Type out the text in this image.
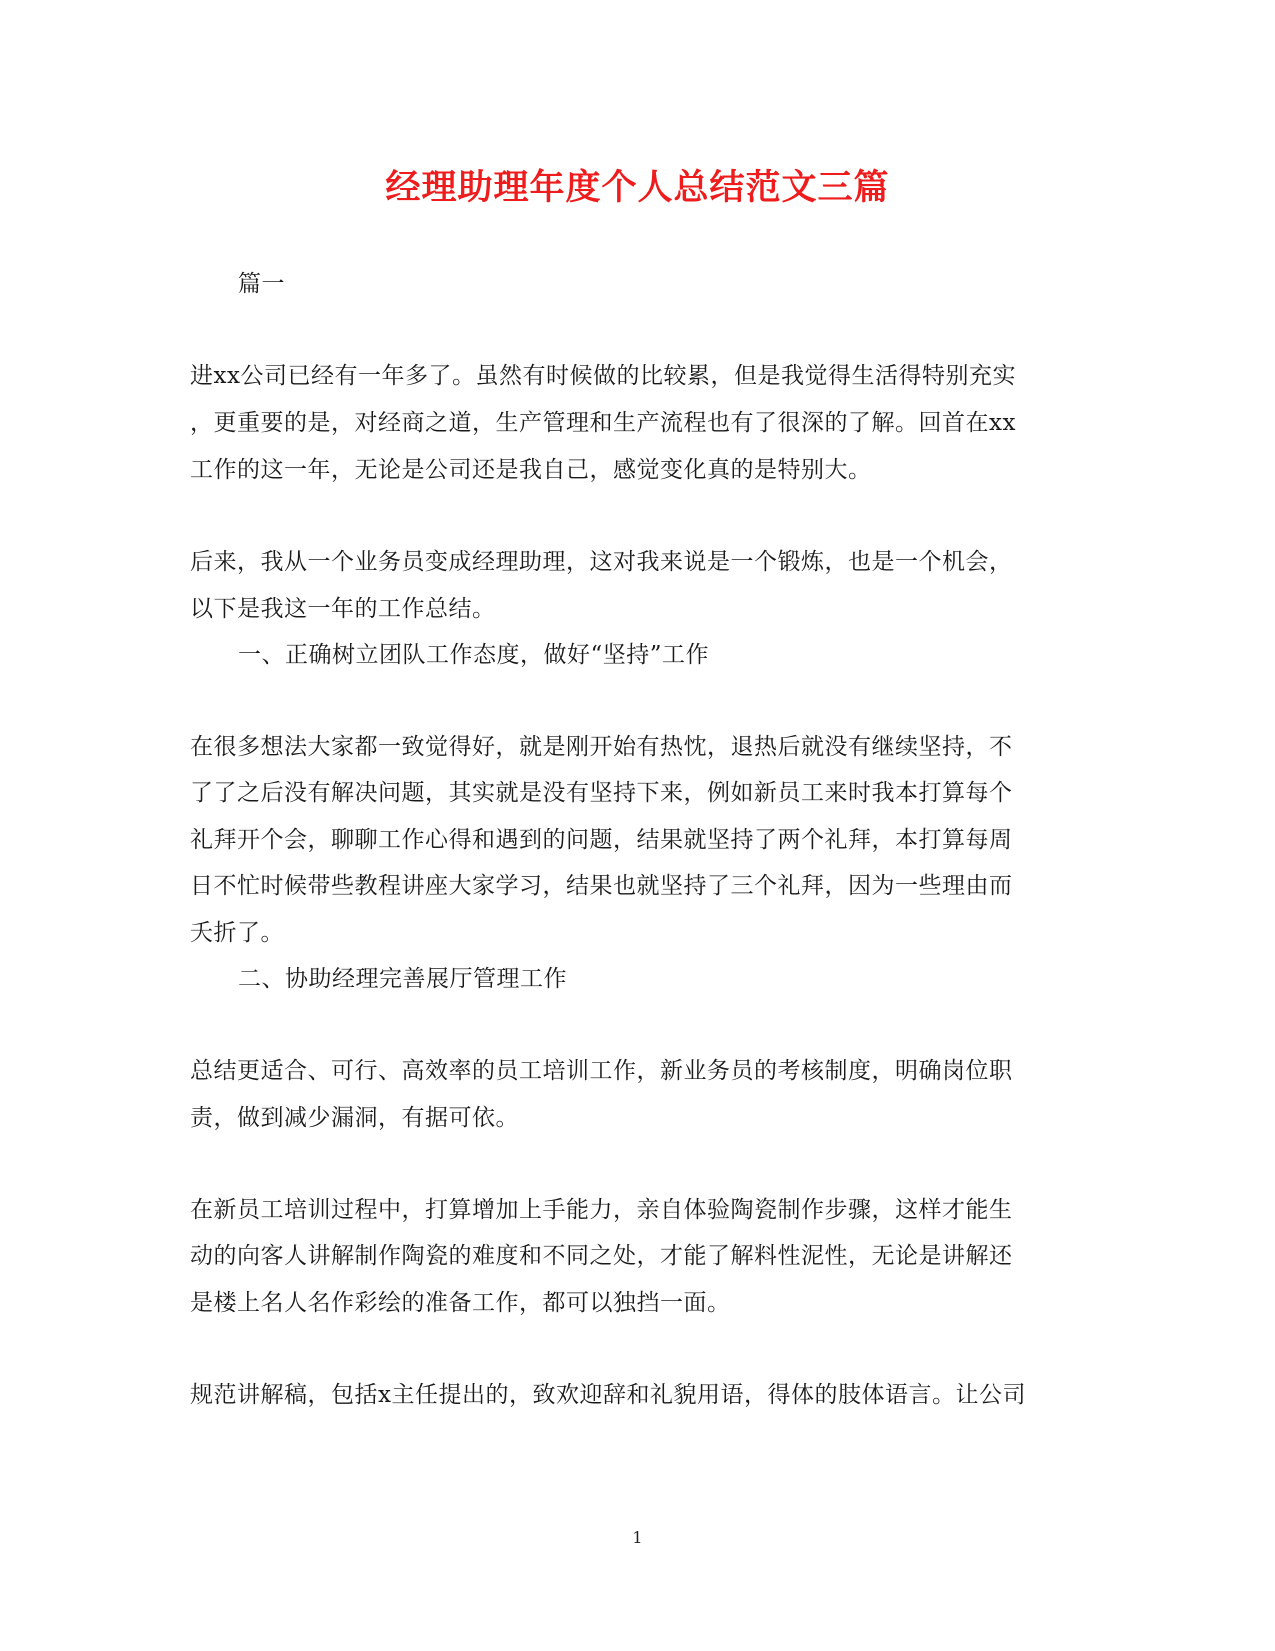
经理助理年度个人总结范文三篇
篇一
进xx公司已经有一年多了。虽然有时候做的比较累，但是我觉得生活得特别充实
，更重要的是，对经商之道，生产管理和生产流程也有了很深的了解。回首在xx
工作的这一年，无论是公司还是我自己，感觉变化真的是特别大。
后来，我从一个业务员变成经理助理，这对我来说是一个锻炼，也是一个机会，
以下是我这一年的工作总结。
一、正确树立团队工作态度，做好“坚持”工作
在很多想法大家都一致觉得好，就是刚开始有热忱，退热后就没有继续坚持，不
了了之后没有解决问题，其实就是没有坚持下来，例如新员工来时我本打算每个
礼拜开个会，聊聊工作心得和遇到的问题，结果就坚持了两个礼拜，本打算每周
日不忙时候带些教程讲座大家学习，结果也就坚持了三个礼拜，因为一些理由而
夭折了。
二、协助经理完善展厅管理工作
总结更适合、可行、高效率的员工培训工作，新业务员的考核制度，明确岗位职
责，做到减少漏洞，有据可依。
在新员工培训过程中，打算增加上手能力，亲自体验陶瓷制作步骤，这样才能生
动的向客人讲解制作陶瓷的难度和不同之处，才能了解料性泥性，无论是讲解还
是楼上名人名作彩绘的准备工作，都可以独挡一面。
规范讲解稿，包括x主任提出的，致欢迎辞和礼貌用语，得体的肢体语言。让公司
1
